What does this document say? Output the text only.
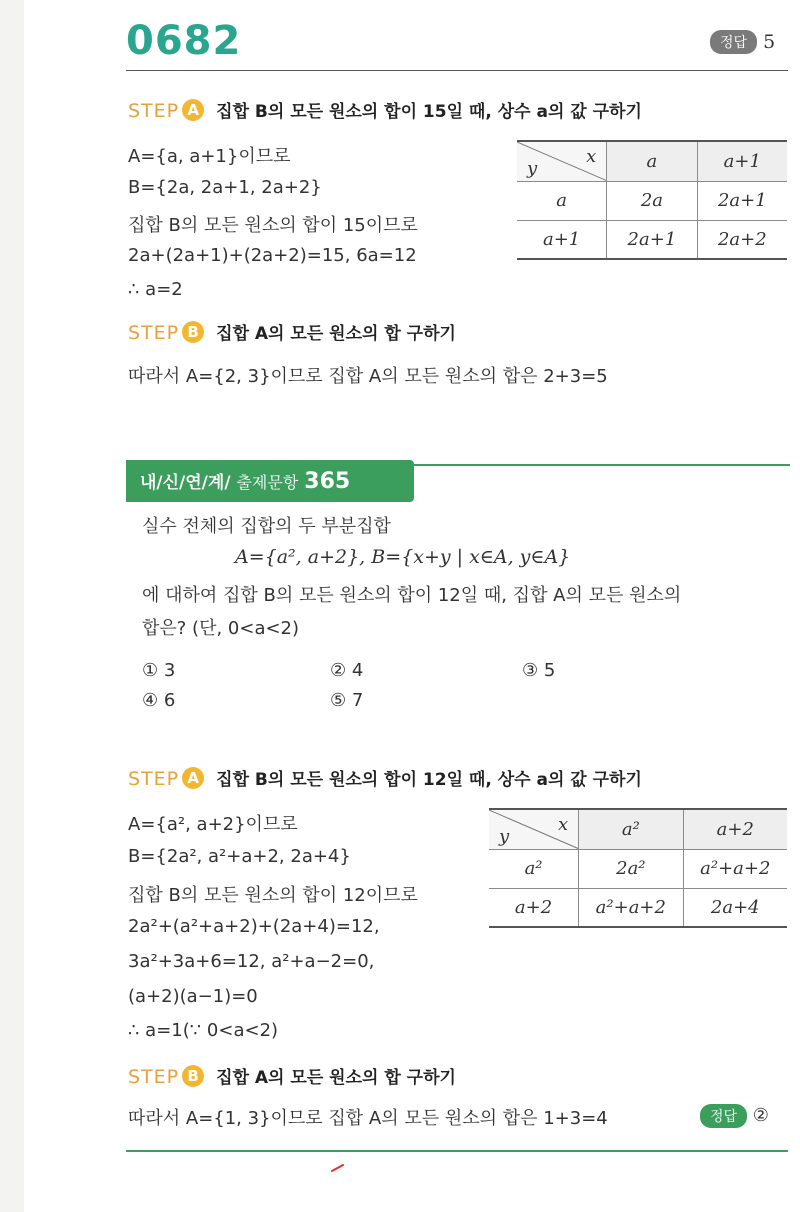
0682	정답 5
STEP A 집합 B의 모든 원소의 합이 15일 때, 상수 a의 값 구하기
A={a, a+1}이므로
B={2a, 2a+1, 2a+2}
집합 B의 모든 원소의 합이 15이므로
2a+(2a+1)+(2a+2)=15, 6a=12
∴ a=2
x
y	a	a+1
a	2a	2a+1
a+1	2a+1	2a+2
STEP B 집합 A의 모든 원소의 합 구하기
따라서 A={2, 3}이므로 집합 A의 모든 원소의 합은 2+3=5
내/신/연/계/ 출제문항 365
실수 전체의 집합의 두 부분집합
A={a², a+2}, B={x+y | x∈A, y∈A}
에 대하여 집합 B의 모든 원소의 합이 12일 때, 집합 A의 모든 원소의
합은? (단, 0<a<2)
① 3	② 4	③ 5
④ 6	⑤ 7
STEP A 집합 B의 모든 원소의 합이 12일 때, 상수 a의 값 구하기
A={a², a+2}이므로
B={2a², a²+a+2, 2a+4}
집합 B의 모든 원소의 합이 12이므로
2a²+(a²+a+2)+(2a+4)=12,
3a²+3a+6=12, a²+a−2=0,
(a+2)(a−1)=0
∴ a=1(∵ 0<a<2)
x
y	a²	a+2
a²	2a²	a²+a+2
a+2	a²+a+2	2a+4
STEP B 집합 A의 모든 원소의 합 구하기
따라서 A={1, 3}이므로 집합 A의 모든 원소의 합은 1+3=4	정답 ②
